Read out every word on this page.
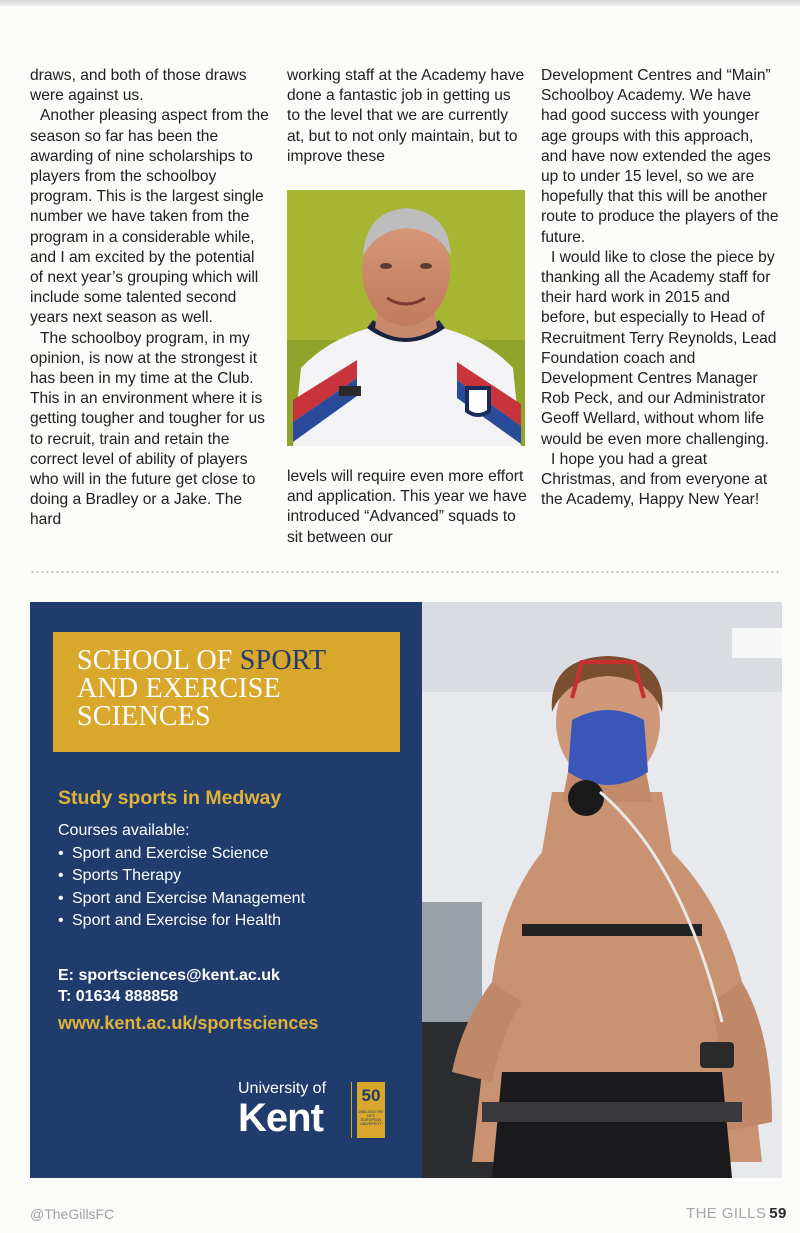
draws, and both of those draws were against us.

Another pleasing aspect from the season so far has been the awarding of nine scholarships to players from the schoolboy program. This is the largest single number we have taken from the program in a considerable while, and I am excited by the potential of next year’s grouping which will include some talented second years next season as well.

The schoolboy program, in my opinion, is now at the strongest it has been in my time at the Club. This in an environment where it is getting tougher and tougher for us to recruit, train and retain the correct level of ability of players who will in the future get close to doing a Bradley or a Jake. The hard

working staff at the Academy have done a fantastic job in getting us to the level that we are currently at, but to not only maintain, but to improve these

levels will require even more effort and application. This year we have introduced “Advanced” squads to sit between our

Development Centres and “Main” Schoolboy Academy. We have had good success with younger age groups with this approach, and have now extended the ages up to under 15 level, so we are hopefully that this will be another route to produce the players of the future.

I would like to close the piece by thanking all the Academy staff for their hard work in 2015 and before, but especially to Head of Recruitment Terry Reynolds, Lead Foundation coach and Development Centres Manager Rob Peck, and our Administrator Geoff Wellard, without whom life would be even more challenging.

I hope you had a great Christmas, and from everyone at the Academy, Happy New Year!

SCHOOL OF SPORT
AND EXERCISE
SCIENCES
Study sports in Medway
Courses available:
• Sport and Exercise Science
• Sports Therapy
• Sport and Exercise Management
• Sport and Exercise for Health
E: sportsciences@kent.ac.uk
T: 01634 888858
www.kent.ac.uk/sportsciences
University of
Kent
50
1965-2015 THE UK'S EUROPEAN UNIVERSITY
@TheGillsFC	THE GILLS 59
